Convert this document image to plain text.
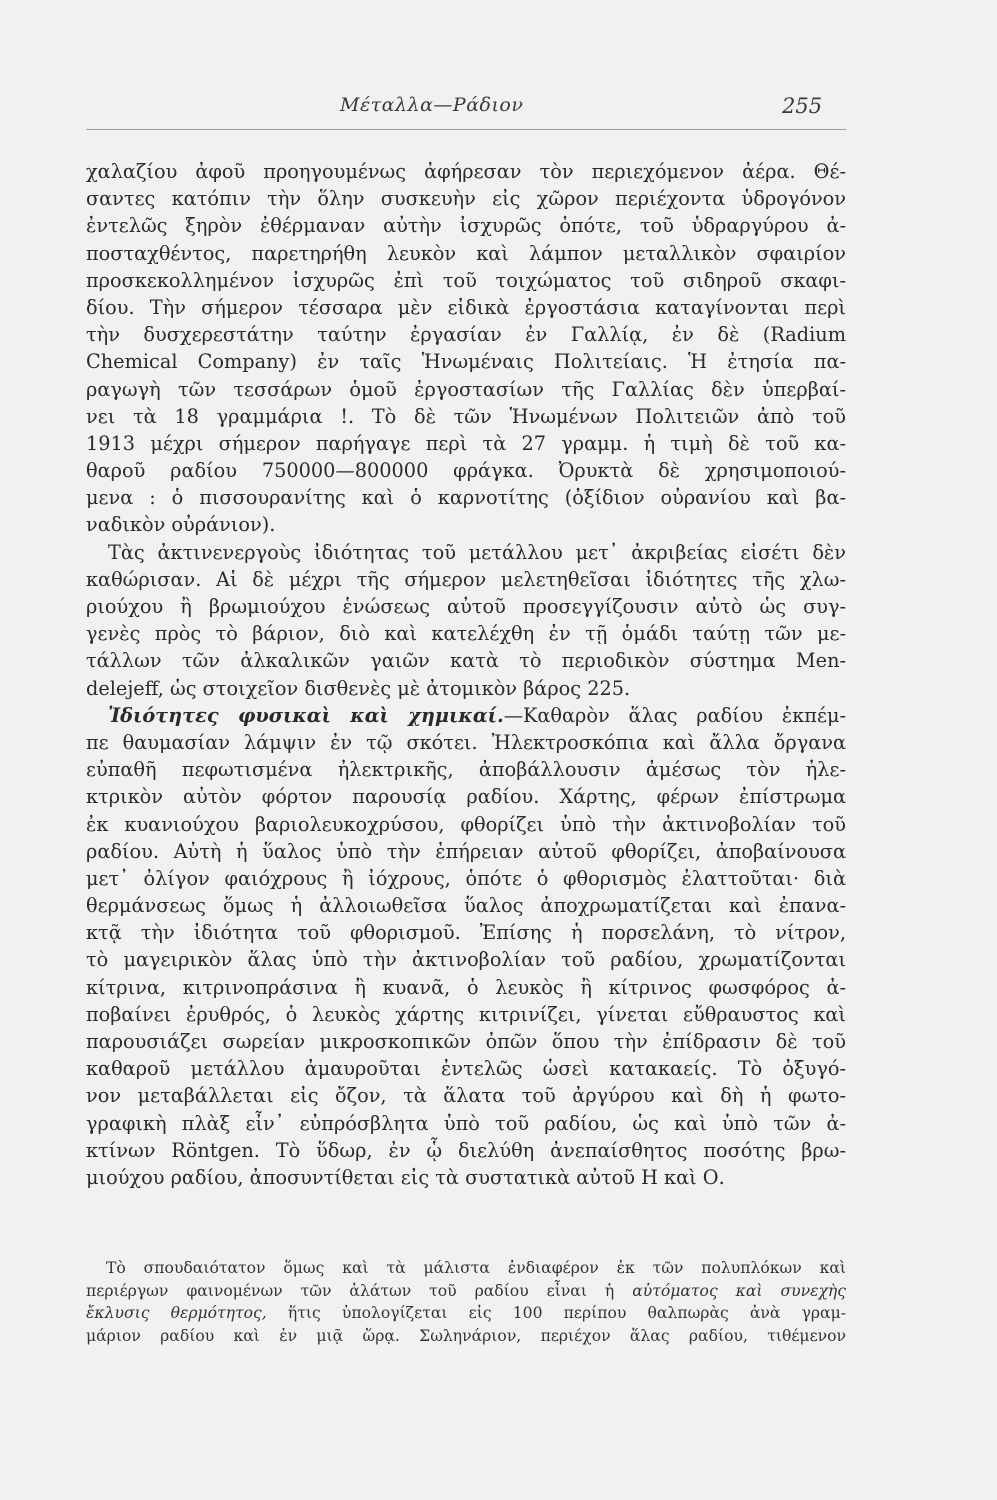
Μέταλλα—Ράδιον	255
χαλαζίου ἀφοῦ προηγουμένως ἀφήρεσαν τὸν περιεχόμενον ἀέρα. Θέ-
σαντες κατόπιν τὴν ὅλην συσκευὴν εἰς χῶρον περιέχοντα ὑδρογόνον
ἐντελῶς ξηρὸν ἐθέρμαναν αὐτὴν ἰσχυρῶς ὁπότε, τοῦ ὑδραργύρου ἀ-
ποσταχθέντος, παρετηρήθη λευκὸν καὶ λάμπον μεταλλικὸν σφαιρίον
προσκεκολλημένον ἰσχυρῶς ἐπὶ τοῦ τοιχώματος τοῦ σιδηροῦ σκαφι-
δίου. Τὴν σήμερον τέσσαρα μὲν εἰδικὰ ἐργοστάσια καταγίνονται περὶ
τὴν δυσχερεστάτην ταύτην ἐργασίαν ἐν Γαλλίᾳ, ἐν δὲ (Radium
Chemical Company) ἐν ταῖς Ἡνωμέναις Πολιτείαις. Ἡ ἐτησία πα-
ραγωγὴ τῶν τεσσάρων ὁμοῦ ἐργοστασίων τῆς Γαλλίας δὲν ὑπερβαί-
νει τὰ 18 γραμμάρια !. Τὸ δὲ τῶν Ἡνωμένων Πολιτειῶν ἀπὸ τοῦ
1913 μέχρι σήμερον παρήγαγε περὶ τὰ 27 γραμμ. ἡ τιμὴ δὲ τοῦ κα-
θαροῦ ραδίου 750000—800000 φράγκα. Ὀρυκτὰ δὲ χρησιμοποιού-
μενα : ὁ πισσουρανίτης καὶ ὁ καρνοτίτης (ὀξίδιον οὐρανίου καὶ βα-
ναδικὸν οὐράνιον).
Τὰς ἀκτινενεργοὺς ἰδιότητας τοῦ μετάλλου μετ᾽ ἀκριβείας εἰσέτι δὲν
καθώρισαν. Αἱ δὲ μέχρι τῆς σήμερον μελετηθεῖσαι ἰδιότητες τῆς χλω-
ριούχου ἢ βρωμιούχου ἑνώσεως αὐτοῦ προσεγγίζουσιν αὐτὸ ὡς συγ-
γενὲς πρὸς τὸ βάριον, διὸ καὶ κατελέχθη ἐν τῇ ὁμάδι ταύτῃ τῶν με-
τάλλων τῶν ἀλκαλικῶν γαιῶν κατὰ τὸ περιοδικὸν σύστημα Men-
delejeff, ὡς στοιχεῖον δισθενὲς μὲ ἀτομικὸν βάρος 225.
Ἰδιότητες φυσικαὶ καὶ χημικαί.—Καθαρὸν ἅλας ραδίου ἐκπέμ-
πε θαυμασίαν λάμψιν ἐν τῷ σκότει. Ἠλεκτροσκόπια καὶ ἄλλα ὄργανα
εὐπαθῆ πεφωτισμένα ἠλεκτρικῆς, ἀποβάλλουσιν ἀμέσως τὸν ἠλε-
κτρικὸν αὐτὸν φόρτον παρουσίᾳ ραδίου. Χάρτης, φέρων ἐπίστρωμα
ἐκ κυανιούχου βαριολευκοχρύσου, φθορίζει ὑπὸ τὴν ἀκτινοβολίαν τοῦ
ραδίου. Αὐτὴ ἡ ὕαλος ὑπὸ τὴν ἐπήρειαν αὐτοῦ φθορίζει, ἀποβαίνουσα
μετ᾽ ὀλίγον φαιόχρους ἢ ἰόχρους, ὁπότε ὁ φθορισμὸς ἐλαττοῦται· διὰ
θερμάνσεως ὅμως ἡ ἀλλοιωθεῖσα ὕαλος ἀποχρωματίζεται καὶ ἐπανα-
κτᾷ τὴν ἰδιότητα τοῦ φθορισμοῦ. Ἐπίσης ἡ πορσελάνη, τὸ νίτρον,
τὸ μαγειρικὸν ἅλας ὑπὸ τὴν ἀκτινοβολίαν τοῦ ραδίου, χρωματίζονται
κίτρινα, κιτρινοπράσινα ἢ κυανᾶ, ὁ λευκὸς ἢ κίτρινος φωσφόρος ἀ-
ποβαίνει ἐρυθρός, ὁ λευκὸς χάρτης κιτρινίζει, γίνεται εὔθραυστος καὶ
παρουσιάζει σωρείαν μικροσκοπικῶν ὀπῶν ὅπου τὴν ἐπίδρασιν δὲ τοῦ
καθαροῦ μετάλλου ἀμαυροῦται ἐντελῶς ὡσεὶ κατακαείς. Τὸ ὀξυγό-
νον μεταβάλλεται εἰς ὄζον, τὰ ἅλατα τοῦ ἀργύρου καὶ δὴ ἡ φωτο-
γραφικὴ πλὰξ εἶν᾽ εὐπρόσβλητα ὑπὸ τοῦ ραδίου, ὡς καὶ ὑπὸ τῶν ἀ-
κτίνων Röntgen. Τὸ ὕδωρ, ἐν ᾧ διελύθη ἀνεπαίσθητος ποσότης βρω-
μιούχου ραδίου, ἀποσυντίθεται εἰς τὰ συστατικὰ αὐτοῦ Η καὶ Ο.
Τὸ σπουδαιότατον ὅμως καὶ τὰ μάλιστα ἐνδιαφέρον ἐκ τῶν πολυπλόκων καὶ
περιέργων φαινομένων τῶν ἁλάτων τοῦ ραδίου εἶναι ἡ αὐτόματος καὶ συνεχὴς
ἔκλυσις θερμότητος, ἥτις ὑπολογίζεται εἰς 100 περίπου θαλπωρὰς ἀνὰ γραμ-
μάριον ραδίου καὶ ἐν μιᾷ ὥρᾳ. Σωληνάριον, περιέχον ἅλας ραδίου, τιθέμενον
